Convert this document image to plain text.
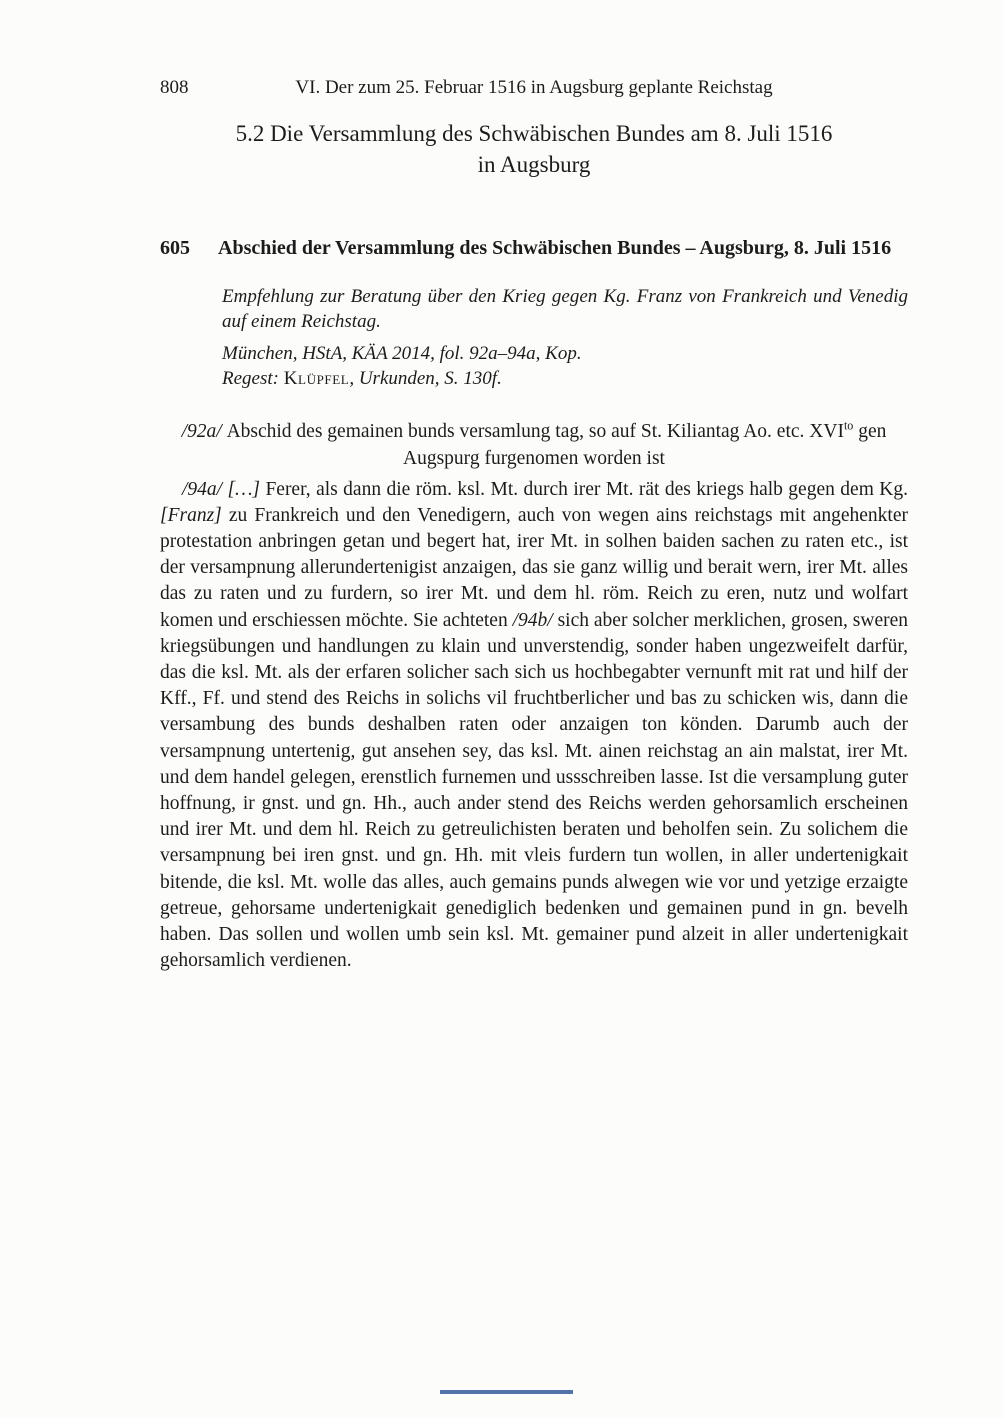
808	VI. Der zum 25. Februar 1516 in Augsburg geplante Reichstag
5.2 Die Versammlung des Schwäbischen Bundes am 8. Juli 1516
in Augsburg
605	Abschied der Versammlung des Schwäbischen Bundes – Augsburg, 8. Juli 1516

Empfehlung zur Beratung über den Krieg gegen Kg. Franz von Frankreich und Venedig auf einem Reichstag.

München, HStA, KÄA 2014, fol. 92a–94a, Kop.

Regest: Klüpfel, Urkunden, S. 130f.

/92a/ Abschid des gemainen bunds versamlung tag, so auf St. Kiliantag Ao. etc. $XVI^{to}$ gen Augspurg furgenomen worden ist

/94a/ […] Ferer, als dann die röm. ksl. Mt. durch irer Mt. rät des kriegs halb gegen dem Kg. [Franz] zu Frankreich und den Venedigern, auch von wegen ains reichstags mit angehenkter protestation anbringen getan und begert hat, irer Mt. in solhen baiden sachen zu raten etc., ist der versampnung allerundertenigist anzaigen, das sie ganz willig und berait wern, irer Mt. alles das zu raten und zu furdern, so irer Mt. und dem hl. röm. Reich zu eren, nutz und wolfart komen und erschiessen möchte. Sie achteten /94b/ sich aber solcher merklichen, grosen, sweren kriegsübungen und handlungen zu klain und unverstendig, sonder haben ungezweifelt darfür, das die ksl. Mt. als der erfaren solicher sach sich us hochbegabter vernunft mit rat und hilf der Kff., Ff. und stend des Reichs in solichs vil fruchtberlicher und bas zu schicken wis, dann die versambung des bunds deshalben raten oder anzaigen ton könden. Darumb auch der versampnung untertenig, gut ansehen sey, das ksl. Mt. ainen reichstag an ain malstat, irer Mt. und dem handel gelegen, erenstlich furnemen und ussschreiben lasse. Ist die versamplung guter hoffnung, ir gnst. und gn. Hh., auch ander stend des Reichs werden gehorsamlich erscheinen und irer Mt. und dem hl. Reich zu getreulichisten beraten und beholfen sein. Zu solichem die versampnung bei iren gnst. und gn. Hh. mit vleis furdern tun wollen, in aller undertenigkait bitende, die ksl. Mt. wolle das alles, auch gemains punds alwegen wie vor und yetzige erzaigte getreue, gehorsame undertenigkait genediglich bedenken und gemainen pund in gn. bevelh haben. Das sollen und wollen umb sein ksl. Mt. gemainer pund alzeit in aller undertenigkait gehorsamlich verdienen.
